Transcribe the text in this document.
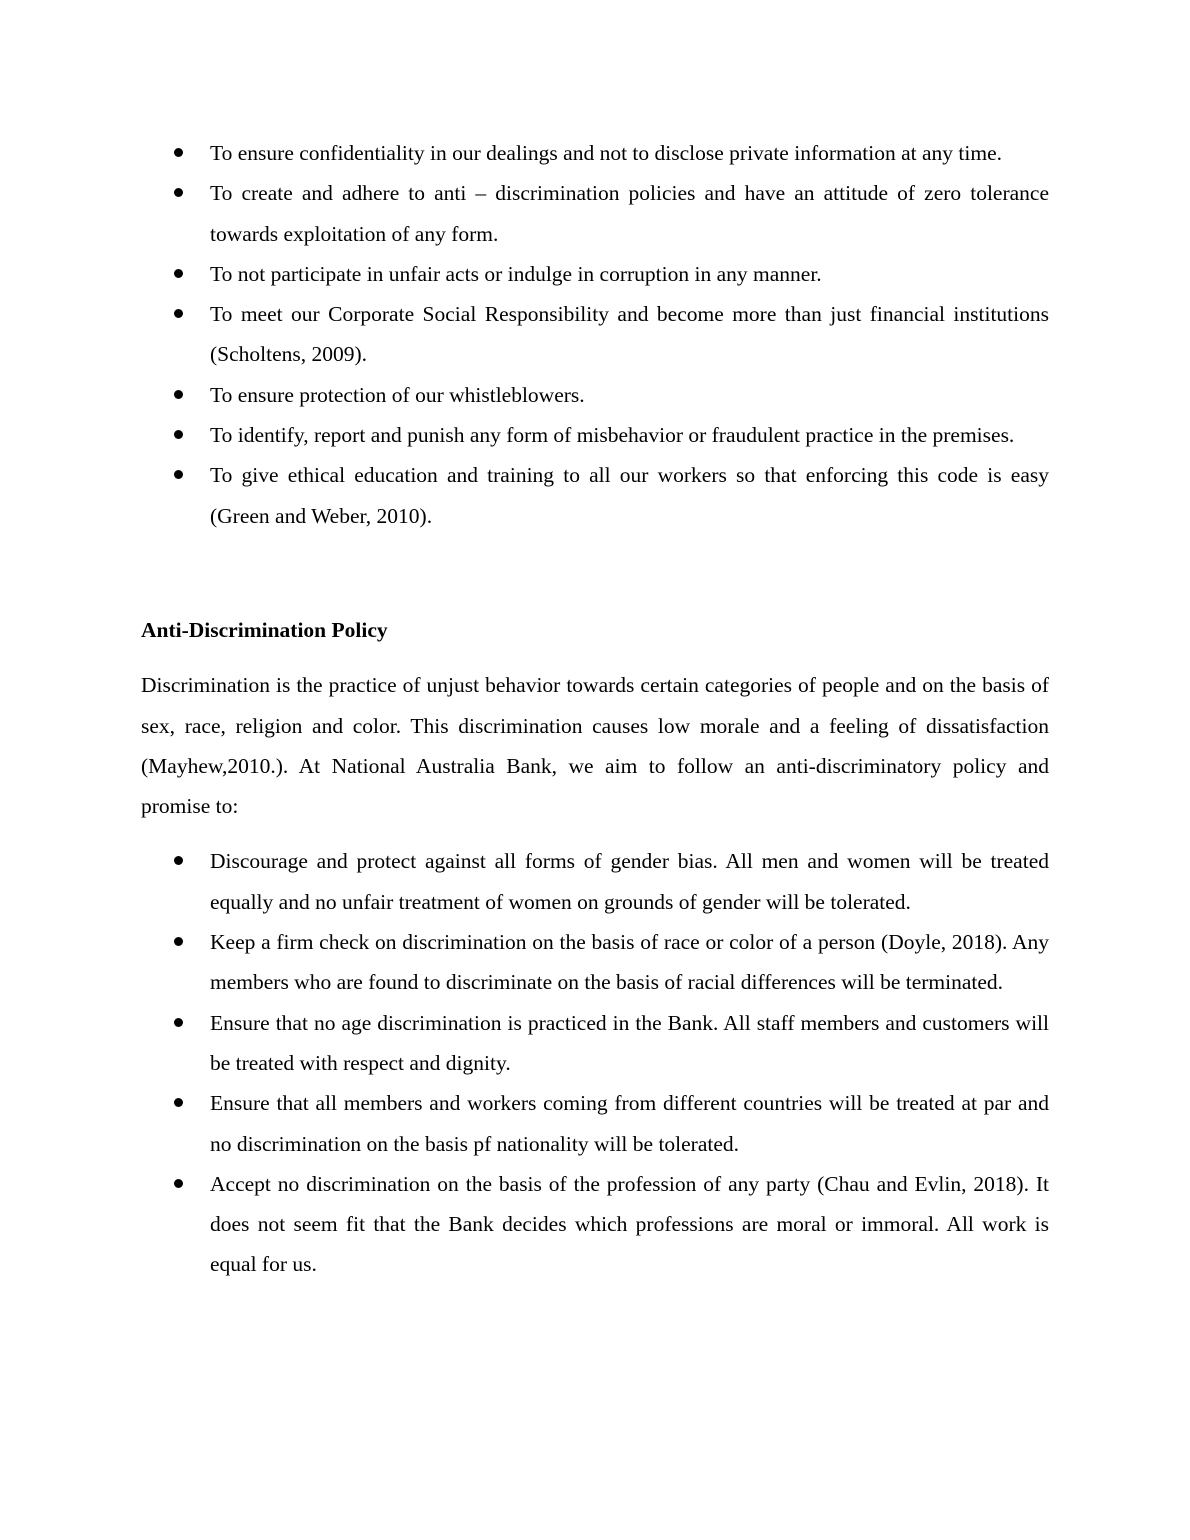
To ensure confidentiality in our dealings and not to disclose private information at any time.
To create and adhere to anti – discrimination policies and have an attitude of zero tolerance towards exploitation of any form.
To not participate in unfair acts or indulge in corruption in any manner.
To meet our Corporate Social Responsibility and become more than just financial institutions (Scholtens, 2009).
To ensure protection of our whistleblowers.
To identify, report and punish any form of misbehavior or fraudulent practice in the premises.
To give ethical education and training to all our workers so that enforcing this code is easy (Green and Weber, 2010).

Anti-Discrimination Policy

Discrimination is the practice of unjust behavior towards certain categories of people and on the basis of sex, race, religion and color. This discrimination causes low morale and a feeling of dissatisfaction (Mayhew,2010.). At National Australia Bank, we aim to follow an anti-discriminatory policy and promise to:

Discourage and protect against all forms of gender bias. All men and women will be treated equally and no unfair treatment of women on grounds of gender will be tolerated.
Keep a firm check on discrimination on the basis of race or color of a person (Doyle, 2018). Any members who are found to discriminate on the basis of racial differences will be terminated.
Ensure that no age discrimination is practiced in the Bank. All staff members and customers will be treated with respect and dignity.
Ensure that all members and workers coming from different countries will be treated at par and no discrimination on the basis pf nationality will be tolerated.
Accept no discrimination on the basis of the profession of any party (Chau and Evlin, 2018). It does not seem fit that the Bank decides which professions are moral or immoral. All work is equal for us.
